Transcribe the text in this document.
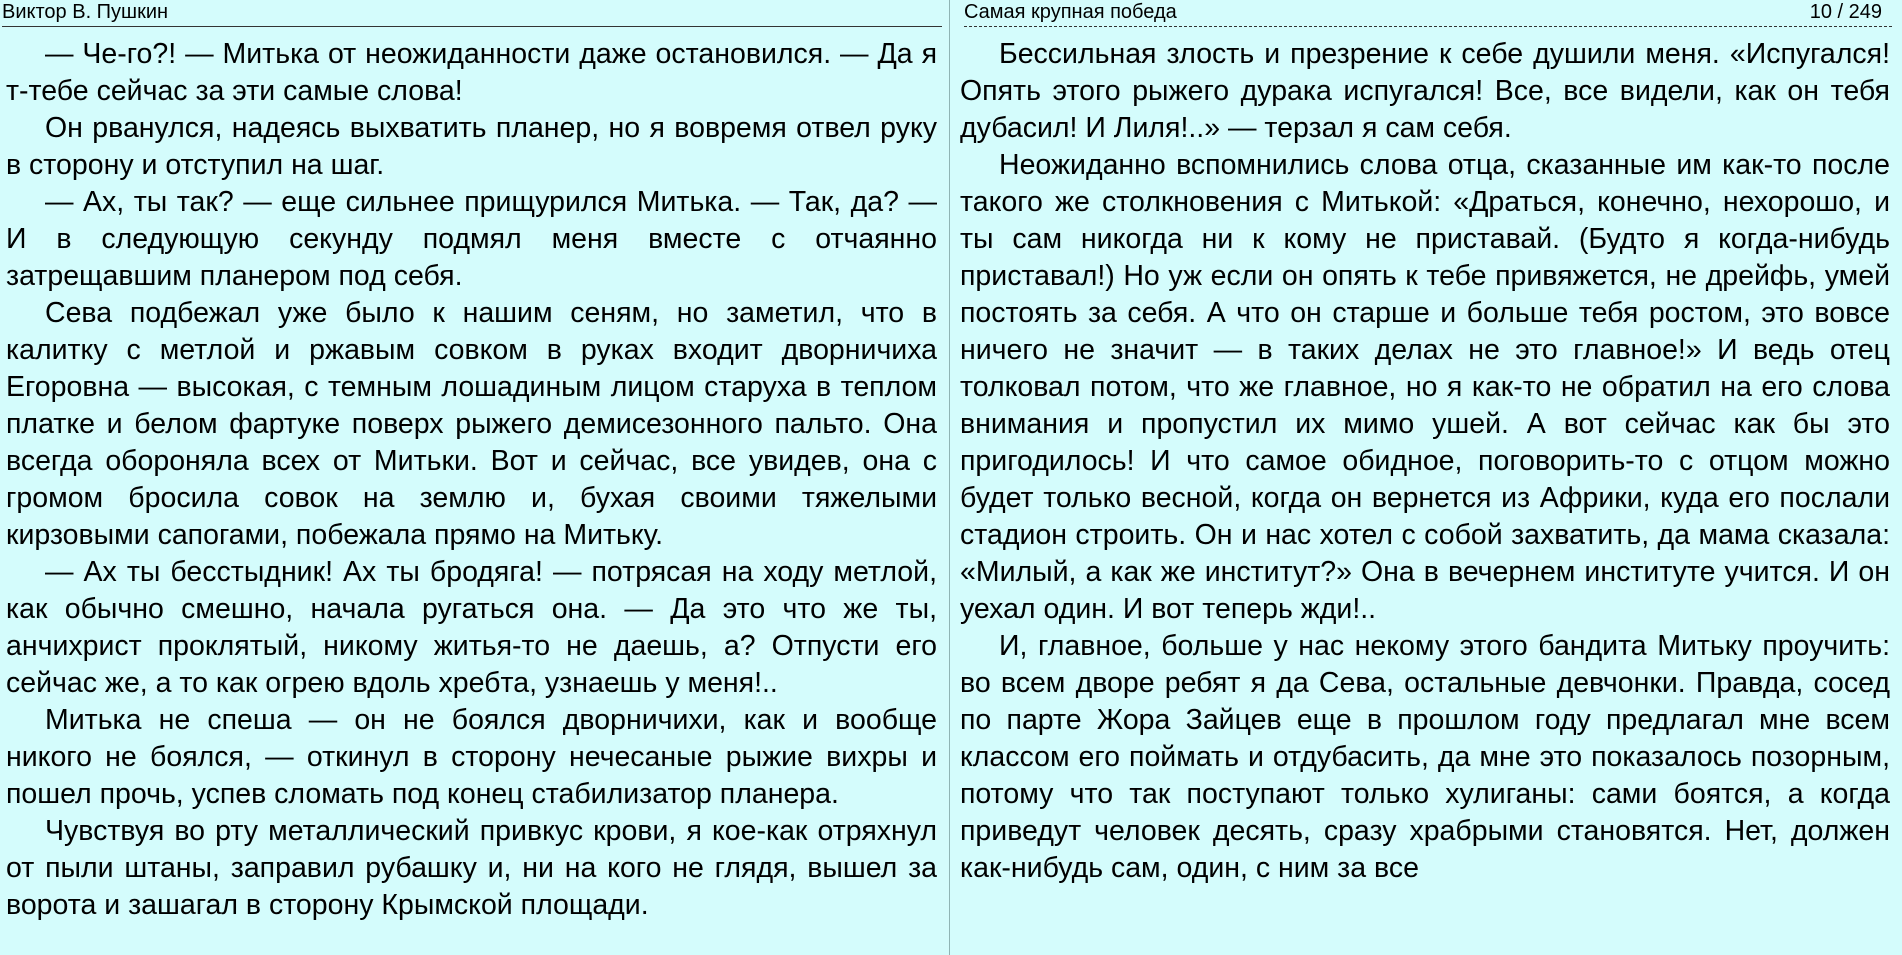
Виктор В. Пушкин

— Че-го?! — Митька от неожиданности даже остановился. — Да я т-тебе сейчас за эти самые слова!

Он рванулся, надеясь выхватить планер, но я вовремя отвел руку в сторону и отступил на шаг.

— Ах, ты так? — еще сильнее прищурился Митька. — Так, да? — И в следующую секунду подмял меня вместе с отчаянно затрещавшим планером под себя.

Сева подбежал уже было к нашим сеням, но заметил, что в калитку с метлой и ржавым совком в руках входит дворничиха Егоровна — высокая, с темным лошадиным лицом старуха в теплом платке и белом фартуке поверх рыжего демисезонного пальто. Она всегда обороняла всех от Митьки. Вот и сейчас, все увидев, она с громом бросила совок на землю и, бухая своими тяжелыми кирзовыми сапогами, побежала прямо на Митьку.

— Ах ты бесстыдник! Ах ты бродяга! — потрясая на ходу метлой, как обычно смешно, начала ругаться она. — Да это что же ты, анчихрист проклятый, никому житья-то не даешь, а? Отпусти его сейчас же, а то как огрею вдоль хребта, узнаешь у меня!..

Митька не спеша — он не боялся дворничихи, как и вообще никого не боялся, — откинул в сторону нечесаные рыжие вихры и пошел прочь, успев сломать под конец стабилизатор планера.

Чувствуя во рту металлический привкус крови, я кое-как отряхнул от пыли штаны, заправил рубашку и, ни на кого не глядя, вышел за ворота и зашагал в сторону Крымской площади.

Самая крупная победа	10 / 249

Бессильная злость и презрение к себе душили меня. «Испугался! Опять этого рыжего дурака испугался! Все, все видели, как он тебя дубасил! И Лиля!..» — терзал я сам себя.

Неожиданно вспомнились слова отца, сказанные им как-то после такого же столкновения с Митькой: «Драться, конечно, нехорошо, и ты сам никогда ни к кому не приставай. (Будто я когда-нибудь приставал!) Но уж если он опять к тебе привяжется, не дрейфь, умей постоять за себя. А что он старше и больше тебя ростом, это вовсе ничего не значит — в таких делах не это главное!» И ведь отец толковал потом, что же главное, но я как-то не обратил на его слова внимания и пропустил их мимо ушей. А вот сейчас как бы это пригодилось! И что самое обидное, поговорить-то с отцом можно будет только весной, когда он вернется из Африки, куда его послали стадион строить. Он и нас хотел с собой захватить, да мама сказала: «Милый, а как же институт?» Она в вечернем институте учится. И он уехал один. И вот теперь жди!..

И, главное, больше у нас некому этого бандита Митьку проучить: во всем дворе ребят я да Сева, остальные девчонки. Правда, сосед по парте Жора Зайцев еще в прошлом году предлагал мне всем классом его поймать и отдубасить, да мне это показалось позорным, потому что так поступают только хулиганы: сами боятся, а когда приведут человек десять, сразу храбрыми становятся. Нет, должен как-нибудь сам, один, с ним за все
